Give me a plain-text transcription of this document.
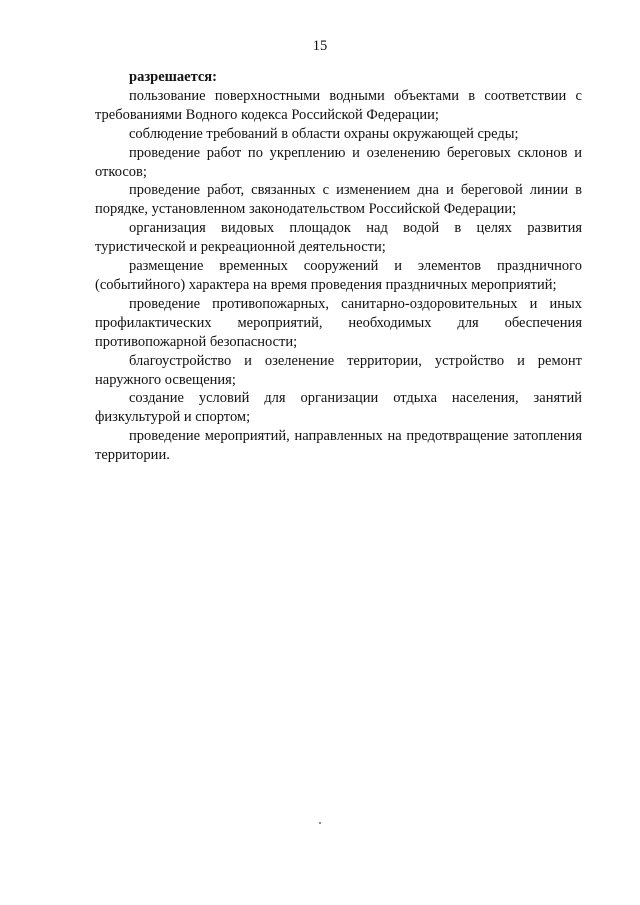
15

разрешается:

пользование поверхностными водными объектами в соответствии с требованиями Водного кодекса Российской Федерации;

соблюдение требований в области охраны окружающей среды;

проведение работ по укреплению и озеленению береговых склонов и откосов;

проведение работ, связанных с изменением дна и береговой линии в порядке, установленном законодательством Российской Федерации;

организация видовых площадок над водой в целях развития туристической и рекреационной деятельности;

размещение временных сооружений и элементов праздничного (событийного) характера на время проведения праздничных мероприятий;

проведение противопожарных, санитарно-оздоровительных и иных профилактических мероприятий, необходимых для обеспечения противопожарной безопасности;

благоустройство и озеленение территории, устройство и ремонт наружного освещения;

создание условий для организации отдыха населения, занятий физкультурой и спортом;

проведение мероприятий, направленных на предотвращение затопления территории.
